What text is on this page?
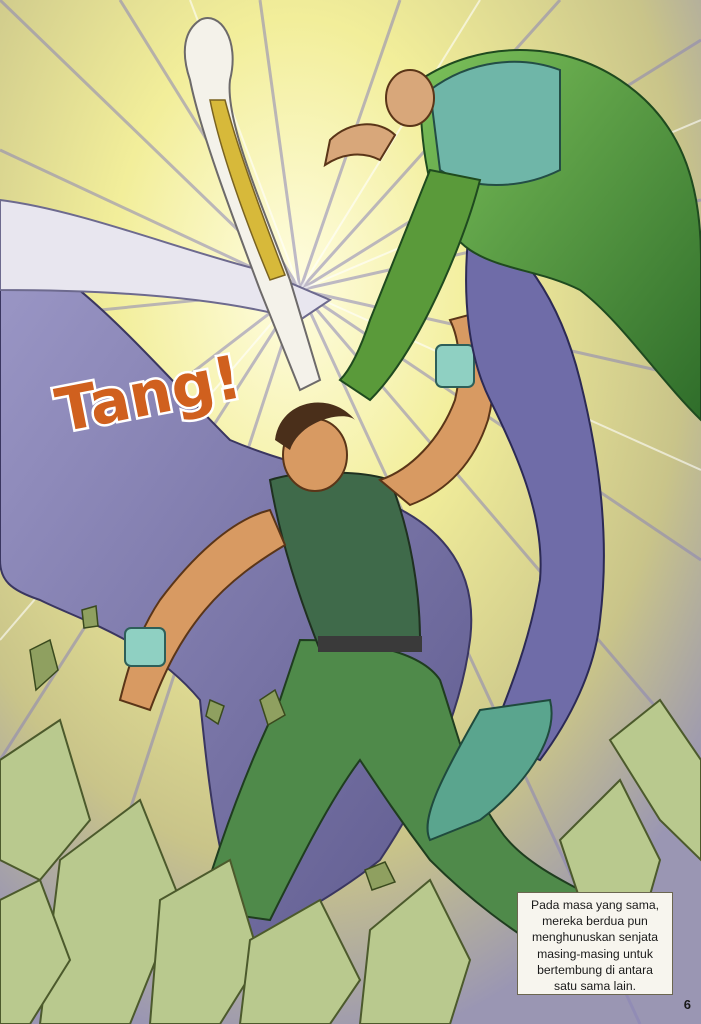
Tang!
Pada masa yang sama, mereka berdua pun menghunuskan senjata masing-masing untuk bertembung di antara satu sama lain.
6
